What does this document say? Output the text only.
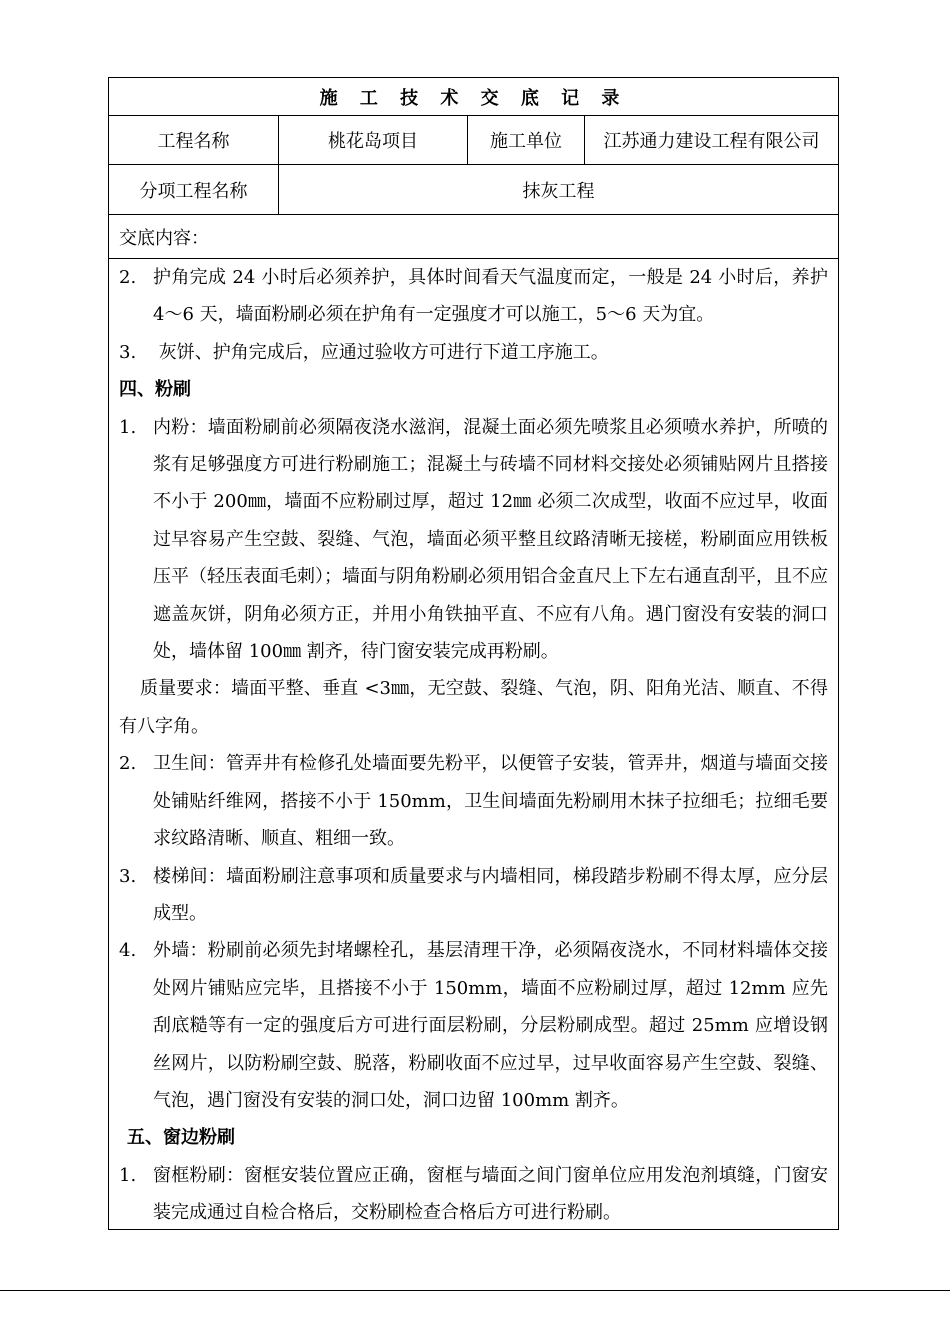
施 工 技 术 交 底 记 录
工程名称	桃花岛项目	施工单位	江苏通力建设工程有限公司
分项工程名称	抹灰工程
交底内容：
2. 护角完成 24 小时后必须养护，具体时间看天气温度而定，一般是 24 小时后，养护 4～6 天，墙面粉刷必须在护角有一定强度才可以施工，5～6 天为宜。

3. 灰饼、护角完成后，应通过验收方可进行下道工序施工。

四、粉刷
1. 内粉：墙面粉刷前必须隔夜浇水滋润，混凝土面必须先喷浆且必须喷水养护，所喷的浆有足够强度方可进行粉刷施工；混凝土与砖墙不同材料交接处必须铺贴网片且搭接不小于 200㎜，墙面不应粉刷过厚，超过 12㎜ 必须二次成型，收面不应过早，收面过早容易产生空鼓、裂缝、气泡，墙面必须平整且纹路清晰无接槎，粉刷面应用铁板压平（轻压表面毛刺）；墙面与阴角粉刷必须用铝合金直尺上下左右通直刮平，且不应遮盖灰饼，阴角必须方正，并用小角铁抽平直、不应有八角。遇门窗没有安装的洞口处，墙体留 100㎜ 割齐，待门窗安装完成再粉刷。

质量要求：墙面平整、垂直 <3㎜，无空鼓、裂缝、气泡，阴、阳角光洁、顺直、不得有八字角。

2. 卫生间：管弄井有检修孔处墙面要先粉平，以便管子安装，管弄井，烟道与墙面交接处铺贴纤维网，搭接不小于 150mm，卫生间墙面先粉刷用木抹子拉细毛；拉细毛要求纹路清晰、顺直、粗细一致。

3. 楼梯间：墙面粉刷注意事项和质量要求与内墙相同，梯段踏步粉刷不得太厚，应分层成型。

4. 外墙：粉刷前必须先封堵螺栓孔，基层清理干净，必须隔夜浇水，不同材料墙体交接处网片铺贴应完毕，且搭接不小于 150mm，墙面不应粉刷过厚，超过 12mm 应先刮底糙等有一定的强度后方可进行面层粉刷，分层粉刷成型。超过 25mm 应增设钢丝网片，以防粉刷空鼓、脱落，粉刷收面不应过早，过早收面容易产生空鼓、裂缝、气泡，遇门窗没有安装的洞口处，洞口边留 100mm 割齐。

五、窗边粉刷
1. 窗框粉刷：窗框安装位置应正确，窗框与墙面之间门窗单位应用发泡剂填缝，门窗安装完成通过自检合格后，交粉刷检查合格后方可进行粉刷。
